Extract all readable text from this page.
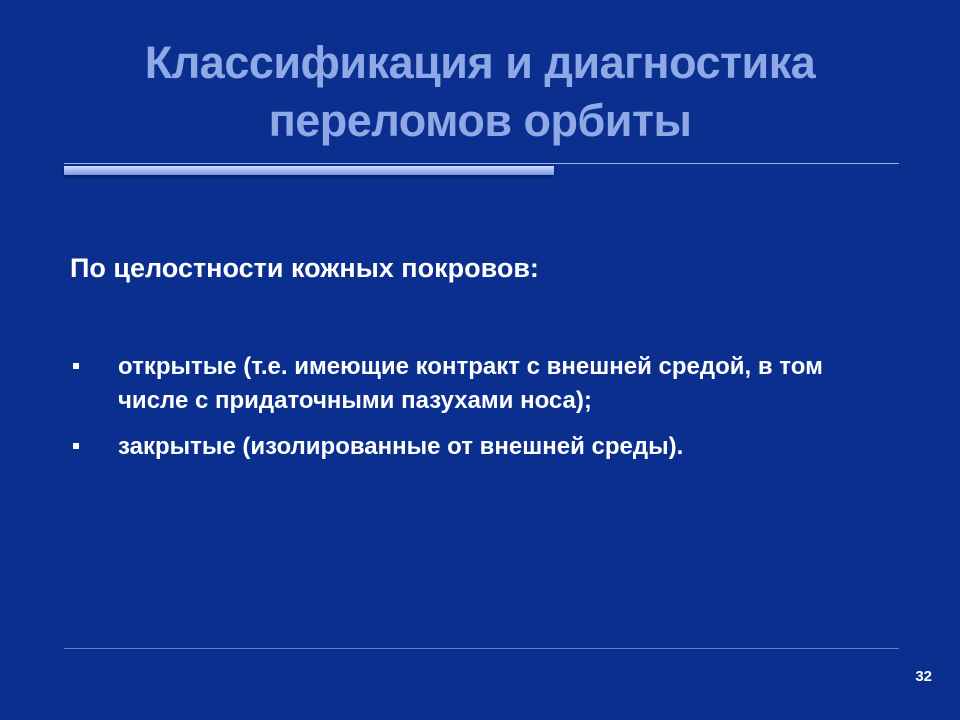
Классификация и диагностика
переломов орбиты
По целостности кожных покровов:
открытые (т.е. имеющие контракт с внешней средой, в том числе с придаточными пазухами носа);
закрытые (изолированные от внешней среды).
32
